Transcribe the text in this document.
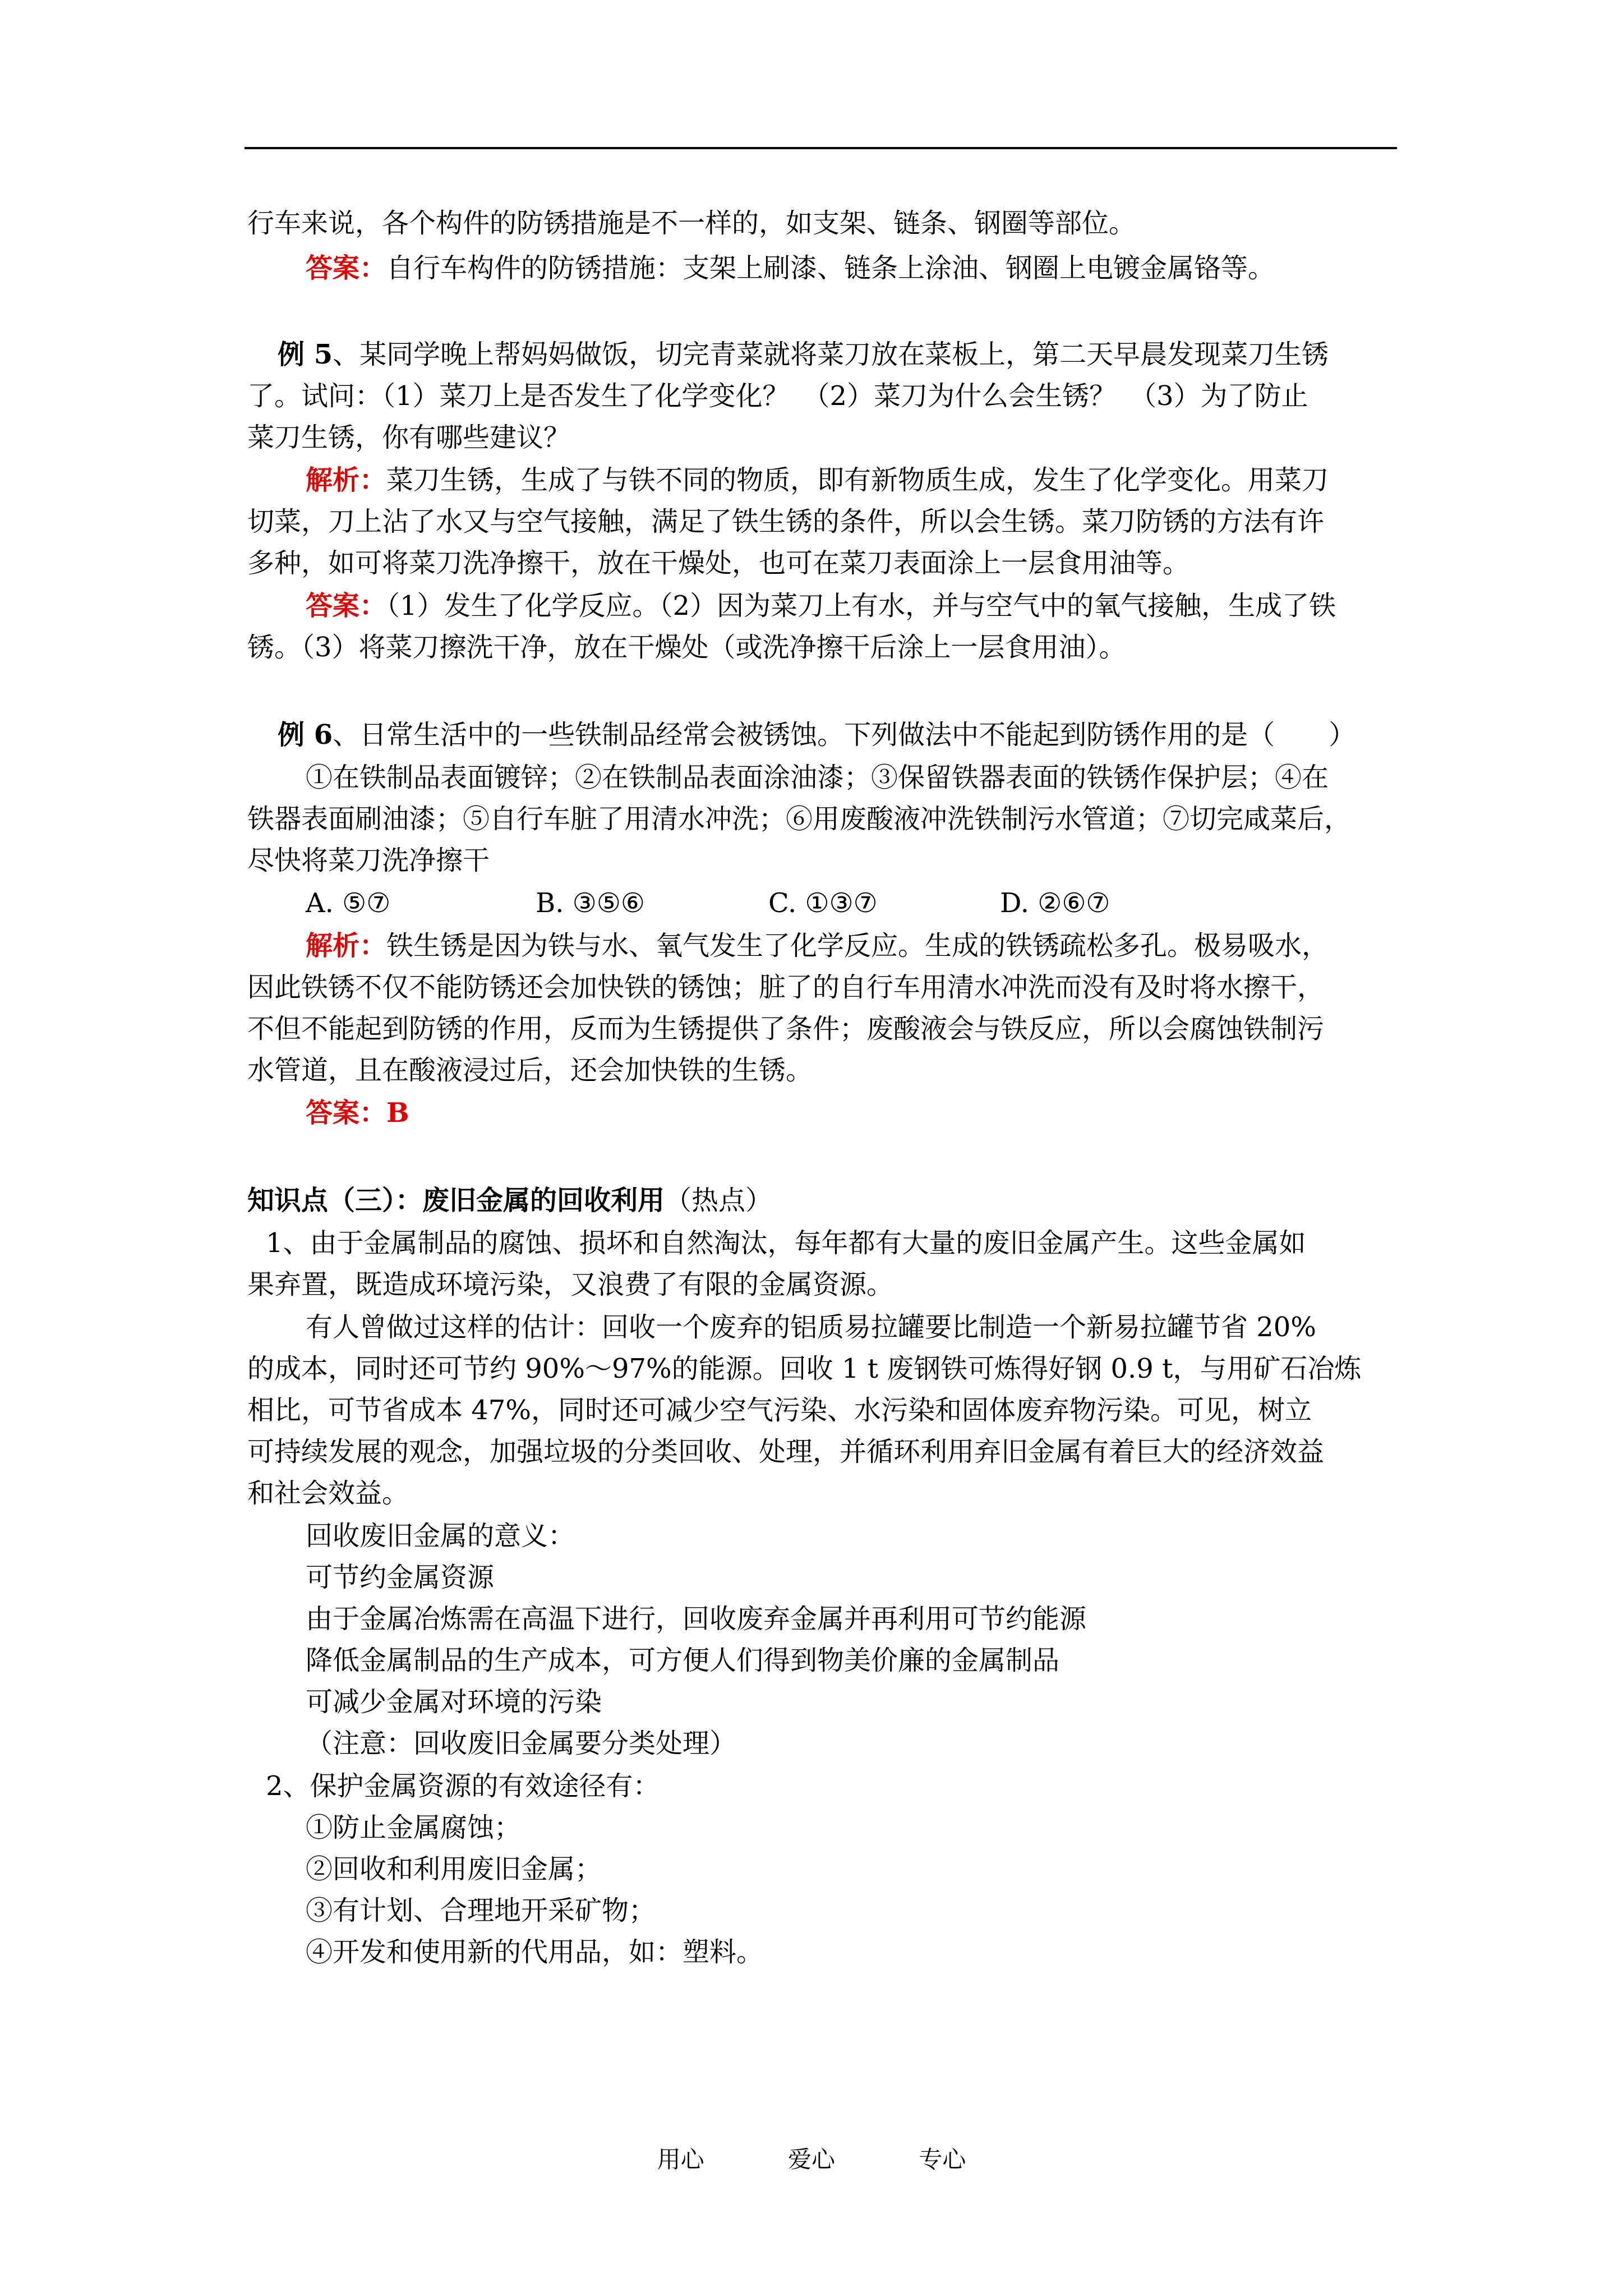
行车来说，各个构件的防锈措施是不一样的，如支架、链条、钢圈等部位。
答案：自行车构件的防锈措施：支架上刷漆、链条上涂油、钢圈上电镀金属铬等。
例 5、某同学晚上帮妈妈做饭，切完青菜就将菜刀放在菜板上，第二天早晨发现菜刀生锈
了。试问：（1）菜刀上是否发生了化学变化？　（2）菜刀为什么会生锈？　（3）为了防止
菜刀生锈，你有哪些建议？
解析：菜刀生锈，生成了与铁不同的物质，即有新物质生成，发生了化学变化。用菜刀
切菜，刀上沾了水又与空气接触，满足了铁生锈的条件，所以会生锈。菜刀防锈的方法有许
多种，如可将菜刀洗净擦干，放在干燥处，也可在菜刀表面涂上一层食用油等。
答案：（1）发生了化学反应。（2）因为菜刀上有水，并与空气中的氧气接触，生成了铁
锈。（3）将菜刀擦洗干净，放在干燥处（或洗净擦干后涂上一层食用油）。
例 6、日常生活中的一些铁制品经常会被锈蚀。下列做法中不能起到防锈作用的是（　　）
①在铁制品表面镀锌；②在铁制品表面涂油漆；③保留铁器表面的铁锈作保护层；④在
铁器表面刷油漆；⑤自行车脏了用清水冲洗；⑥用废酸液冲洗铁制污水管道；⑦切完咸菜后，
尽快将菜刀洗净擦干
A. ⑤⑦	B. ③⑤⑥	C. ①③⑦	D. ②⑥⑦
解析：铁生锈是因为铁与水、氧气发生了化学反应。生成的铁锈疏松多孔。极易吸水，
因此铁锈不仅不能防锈还会加快铁的锈蚀；脏了的自行车用清水冲洗而没有及时将水擦干，
不但不能起到防锈的作用，反而为生锈提供了条件；废酸液会与铁反应，所以会腐蚀铁制污
水管道，且在酸液浸过后，还会加快铁的生锈。
答案：B
知识点（三）：废旧金属的回收利用（热点）
1、由于金属制品的腐蚀、损坏和自然淘汰，每年都有大量的废旧金属产生。这些金属如
果弃置，既造成环境污染，又浪费了有限的金属资源。
有人曾做过这样的估计：回收一个废弃的铝质易拉罐要比制造一个新易拉罐节省 20%
的成本，同时还可节约 90%～97%的能源。回收 1 t 废钢铁可炼得好钢 0.9 t，与用矿石冶炼
相比，可节省成本 47%，同时还可减少空气污染、水污染和固体废弃物污染。可见，树立
可持续发展的观念，加强垃圾的分类回收、处理，并循环利用弃旧金属有着巨大的经济效益
和社会效益。
回收废旧金属的意义：
可节约金属资源
由于金属冶炼需在高温下进行，回收废弃金属并再利用可节约能源
降低金属制品的生产成本，可方便人们得到物美价廉的金属制品
可减少金属对环境的污染
（注意：回收废旧金属要分类处理）
2、保护金属资源的有效途径有：
①防止金属腐蚀；
②回收和利用废旧金属；
③有计划、合理地开采矿物；
④开发和使用新的代用品，如：塑料。
用心	爱心	专心
